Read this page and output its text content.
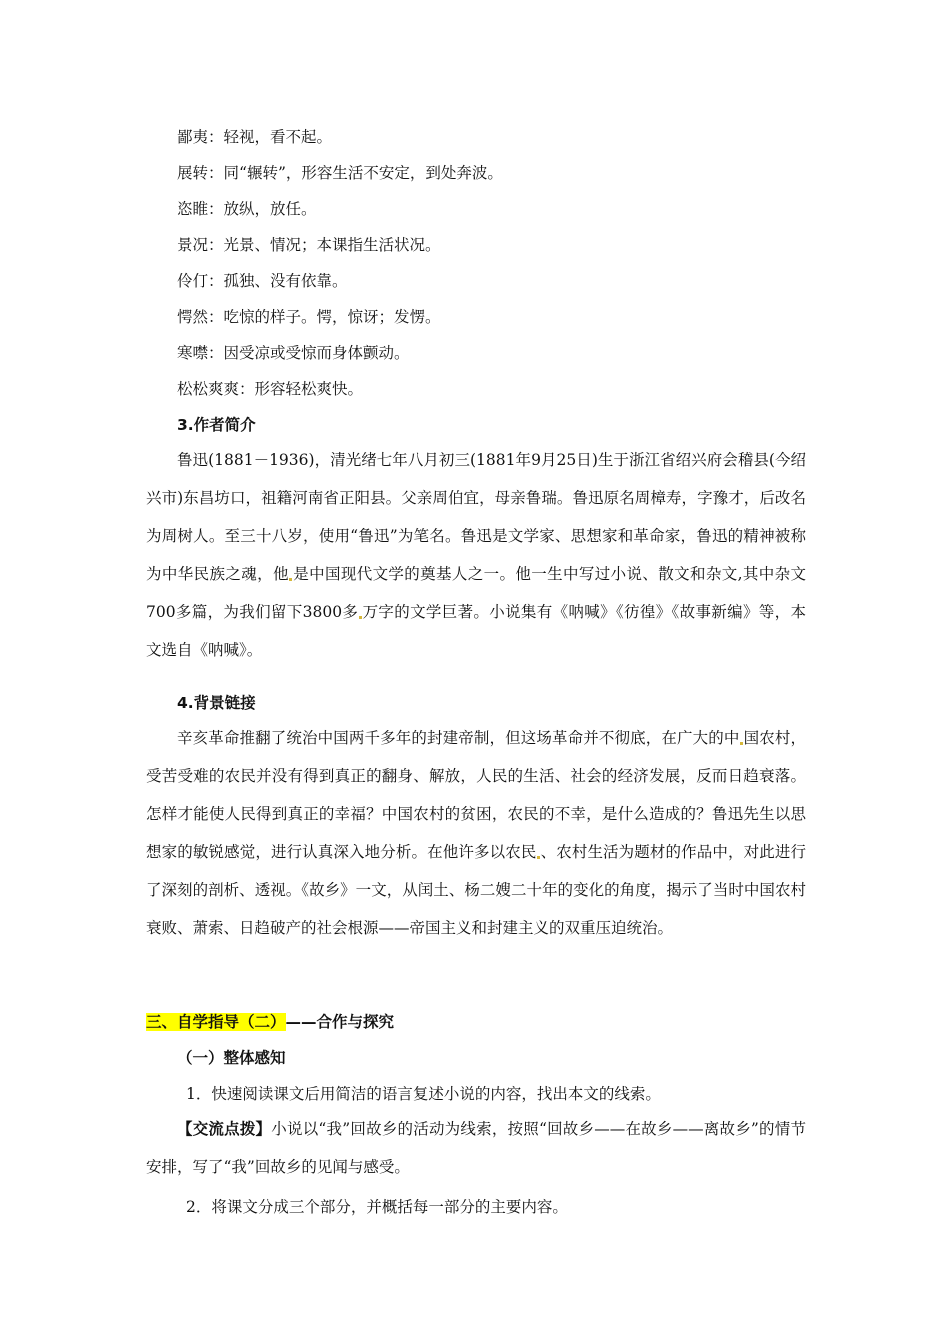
鄙夷：轻视，看不起。
展转：同“辗转”，形容生活不安定，到处奔波。
恣睢：放纵，放任。
景况：光景、情况；本课指生活状况。
伶仃：孤独、没有依靠。
愕然：吃惊的样子。愕，惊讶；发愣。
寒噤：因受凉或受惊而身体颤动。
松松爽爽：形容轻松爽快。
3.作者简介

鲁迅(1881－1936)，清光绪七年八月初三(1881年9月25日)生于浙江省绍兴府会稽县(今绍兴市)东昌坊口，祖籍河南省正阳县。父亲周伯宜，母亲鲁瑞。鲁迅原名周樟寿，字豫才，后改名为周树人。至三十八岁，使用“鲁迅”为笔名。鲁迅是文学家、思想家和革命家，鲁迅的精神被称为中华民族之魂，他 是中国现代文学的奠基人之一。他一生中写过小说、散文和杂文,其中杂文700多篇，为我们留下3800多 万字的文学巨著。小说集有《呐喊》《彷徨》《故事新编》等，本文选自《呐喊》。

4.背景链接

辛亥革命推翻了统治中国两千多年的封建帝制，但这场革命并不彻底，在广大的中 国农村，受苦受难的农民并没有得到真正的翻身、解放，人民的生活、社会的经济发展，反而日趋衰落。怎样才能使人民得到真正的幸福？中国农村的贫困，农民的不幸，是什么造成的？鲁迅先生以思想家的敏锐感觉，进行认真深入地分析。在他许多以农民 、农村生活为题材的作品中，对此进行了深刻的剖析、透视。《故乡》一文，从闰土、杨二嫂二十年的变化的角度，揭示了当时中国农村衰败、萧索、日趋破产的社会根源——帝国主义和封建主义的双重压迫统治。

三、自学指导（二）——合作与探究
（一）整体感知
1．快速阅读课文后用简洁的语言复述小说的内容，找出本文的线索。

【交流点拨】小说以“我”回故乡的活动为线索，按照“回故乡——在故乡——离故乡”的情节安排，写了“我”回故乡的见闻与感受。

2．将课文分成三个部分，并概括每一部分的主要内容。
